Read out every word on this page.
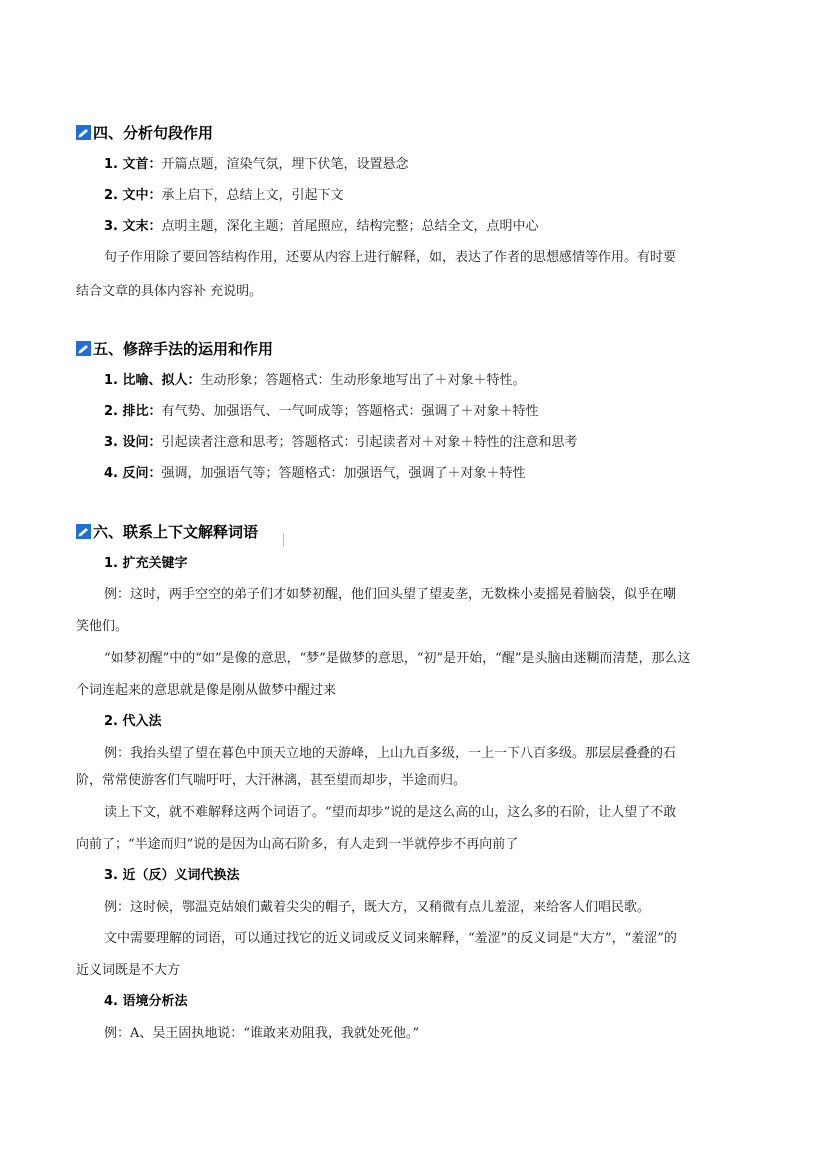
四、分析句段作用
1. 文首：开篇点题，渲染气氛，埋下伏笔，设置悬念
2. 文中：承上启下，总结上文，引起下文
3. 文末：点明主题，深化主题；首尾照应，结构完整；总结全文，点明中心
句子作用除了要回答结构作用，还要从内容上进行解释，如，表达了作者的思想感情等作用。有时要
结合文章的具体内容补 充说明。
五、修辞手法的运用和作用
1. 比喻、拟人：生动形象；答题格式：生动形象地写出了＋对象＋特性。
2. 排比：有气势、加强语气、一气呵成等；答题格式：强调了＋对象＋特性
3. 设问：引起读者注意和思考；答题格式：引起读者对＋对象＋特性的注意和思考
4. 反问：强调，加强语气等；答题格式：加强语气，强调了＋对象＋特性
六、联系上下文解释词语
1. 扩充关键字
例：这时，两手空空的弟子们才如梦初醒，他们回头望了望麦垄，无数株小麦摇晃着脑袋，似乎在嘲
笑他们。
“如梦初醒”中的“如”是像的意思，“梦”是做梦的意思，“初”是开始，“醒”是头脑由迷糊而清楚，那么这
个词连起来的意思就是像是刚从做梦中醒过来
2. 代入法
例：我抬头望了望在暮色中顶天立地的天游峰，上山九百多级，一上一下八百多级。那层层叠叠的石
阶，常常使游客们气喘吁吁，大汗淋漓，甚至望而却步，半途而归。
读上下文，就不难解释这两个词语了。“望而却步”说的是这么高的山，这么多的石阶，让人望了不敢
向前了；“半途而归”说的是因为山高石阶多，有人走到一半就停步不再向前了
3. 近（反）义词代换法
例：这时候，鄂温克姑娘们戴着尖尖的帽子，既大方，又稍微有点儿羞涩，来给客人们唱民歌。
文中需要理解的词语，可以通过找它的近义词或反义词来解释，“羞涩”的反义词是“大方”，“羞涩”的
近义词既是不大方
4. 语境分析法
例：A、吴王固执地说：“谁敢来劝阻我，我就处死他。”
